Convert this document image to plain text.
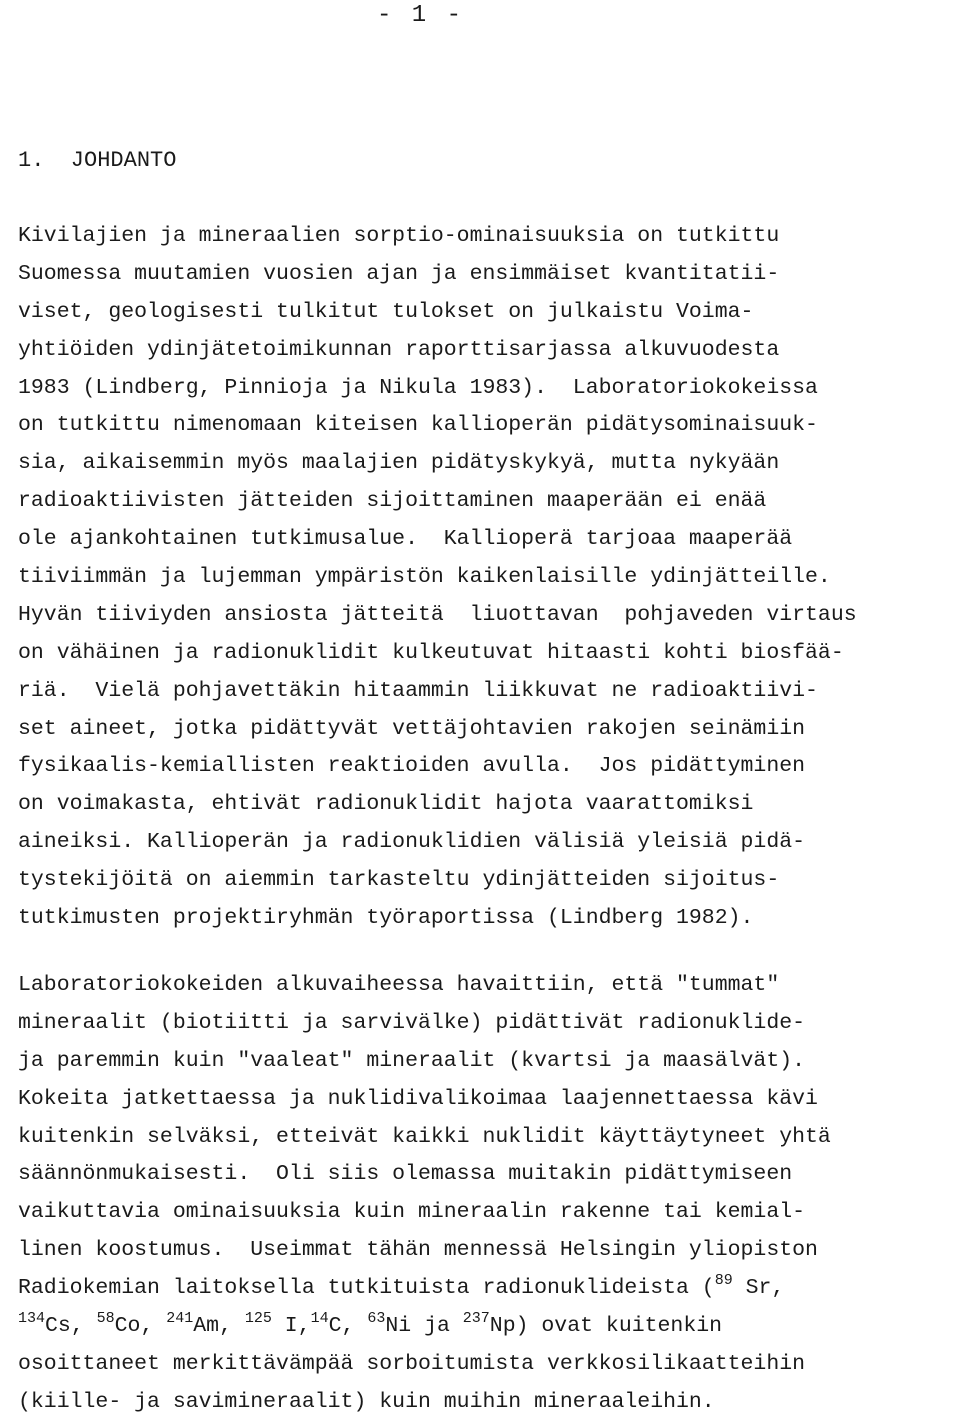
- 1 -
1.  JOHDANTO
Kivilajien ja mineraalien sorptio-ominaisuuksia on tutkittu
Suomessa muutamien vuosien ajan ja ensimmäiset kvantitatii-
viset, geologisesti tulkitut tulokset on julkaistu Voima-
yhtiöiden ydinjätetoimikunnan raporttisarjassa alkuvuodesta
1983 (Lindberg, Pinnioja ja Nikula 1983).  Laboratoriokokeissa
on tutkittu nimenomaan kiteisen kallioperän pidätysominaisuuk-
sia, aikaisemmin myös maalajien pidätyskykyä, mutta nykyään
radioaktiivisten jätteiden sijoittaminen maaperään ei enää
ole ajankohtainen tutkimusalue.  Kallioperä tarjoaa maaperää
tiiviimmän ja lujemman ympäristön kaikenlaisille ydinjätteille.
Hyvän tiiviyden ansiosta jätteitä  liuottavan  pohjaveden virtaus
on vähäinen ja radionuklidit kulkeutuvat hitaasti kohti biosfää-
riä.  Vielä pohjavettäkin hitaammin liikkuvat ne radioaktiivi-
set aineet, jotka pidättyvät vettäjohtavien rakojen seinämiin
fysikaalis-kemiallisten reaktioiden avulla.  Jos pidättyminen
on voimakasta, ehtivät radionuklidit hajota vaarattomiksi
aineiksi. Kallioperän ja radionuklidien välisiä yleisiä pidä-
tystekijöitä on aiemmin tarkasteltu ydinjätteiden sijoitus-
tutkimusten projektiryhmän työraportissa (Lindberg 1982).
Laboratoriokokeiden alkuvaiheessa havaittiin, että "tummat"
mineraalit (biotiitti ja sarvivälke) pidättivät radionuklide-
ja paremmin kuin "vaaleat" mineraalit (kvartsi ja maasälvät).
Kokeita jatkettaessa ja nuklidivalikoimaa laajennettaessa kävi
kuitenkin selväksi, etteivät kaikki nuklidit käyttäytyneet yhtä
säännönmukaisesti.  Oli siis olemassa muitakin pidättymiseen
vaikuttavia ominaisuuksia kuin mineraalin rakenne tai kemial-
linen koostumus.  Useimmat tähän mennessä Helsingin yliopiston
Radiokemian laitoksella tutkituista radionuklideista ($^{89}$ Sr,
$^{134}$Cs, $^{58}$Co, $^{241}$Am, $^{125}$ I,$^{14}$C, $^{63}$Ni ja $^{237}$Np) ovat kuitenkin
osoittaneet merkittävämpää sorboitumista verkkosilikaatteihin
(kiille- ja savimineraalit) kuin muihin mineraaleihin.
